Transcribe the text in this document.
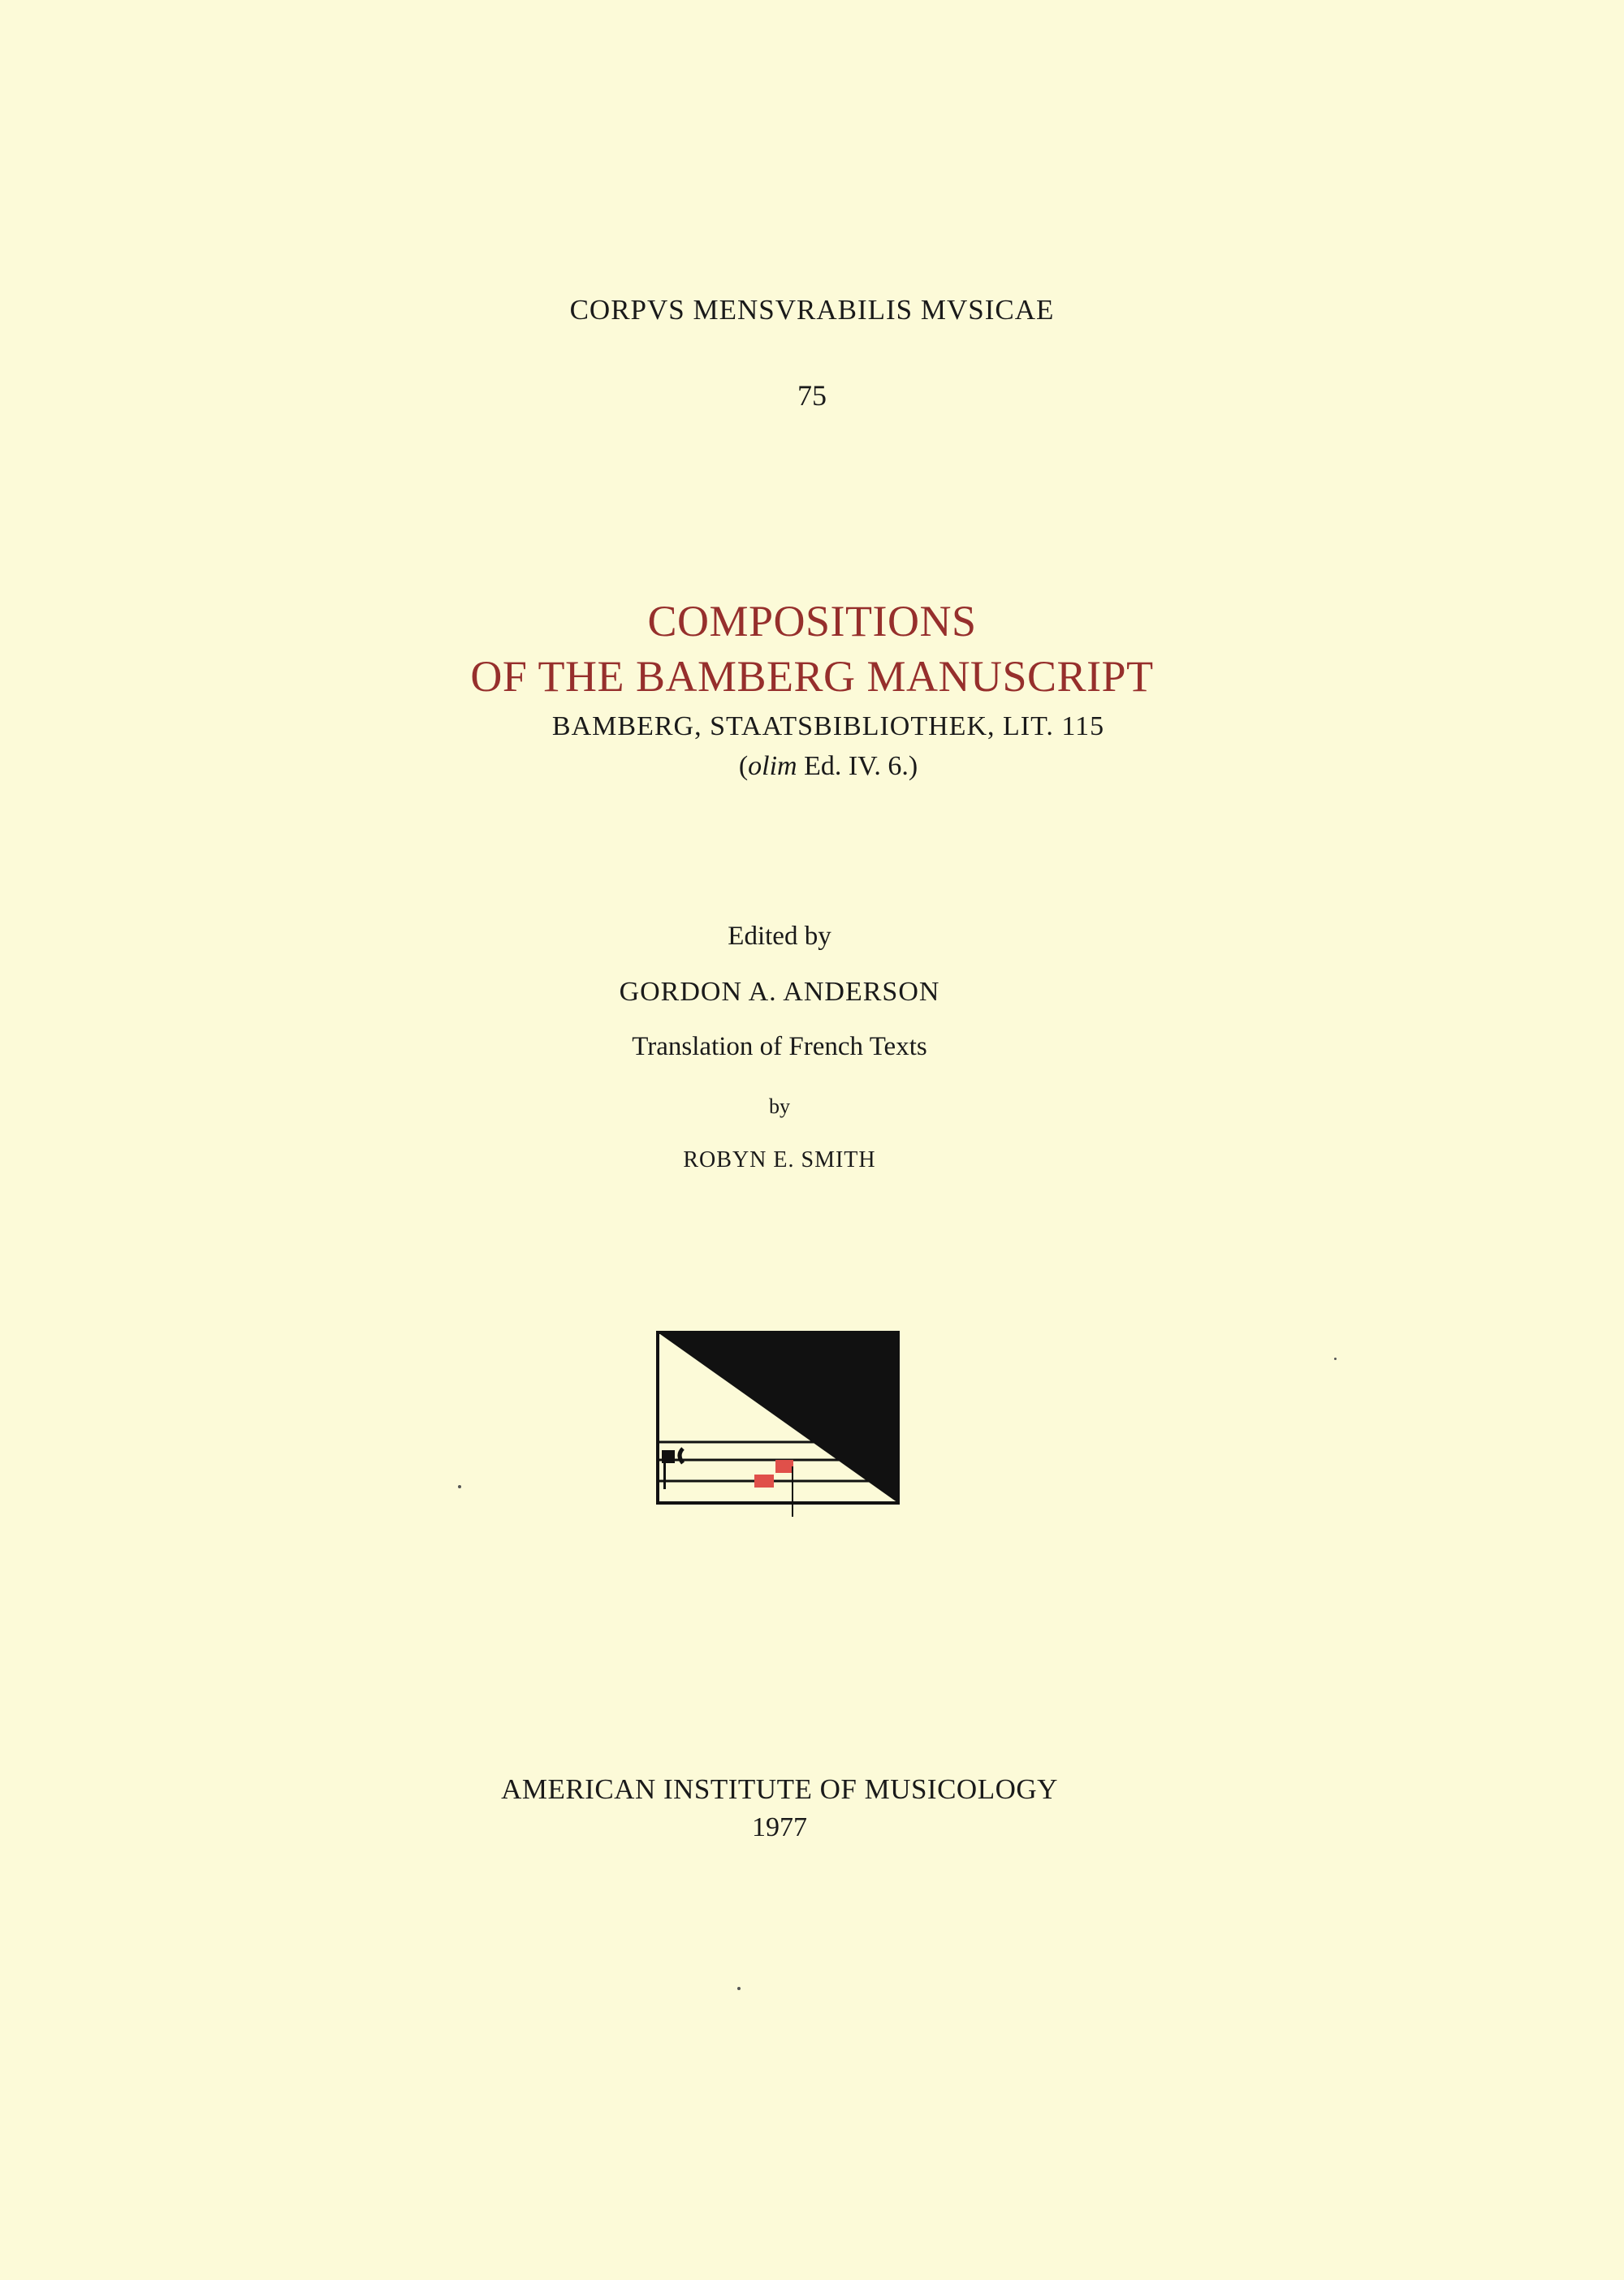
CORPVS MENSVRABILIS MVSICAE
75
COMPOSITIONS
OF THE BAMBERG MANUSCRIPT
BAMBERG, STAATSBIBLIOTHEK, LIT. 115
(olim Ed. IV. 6.)
Edited by
GORDON A. ANDERSON
Translation of French Texts
by
ROBYN E. SMITH
AMERICAN INSTITUTE OF MUSICOLOGY
1977
